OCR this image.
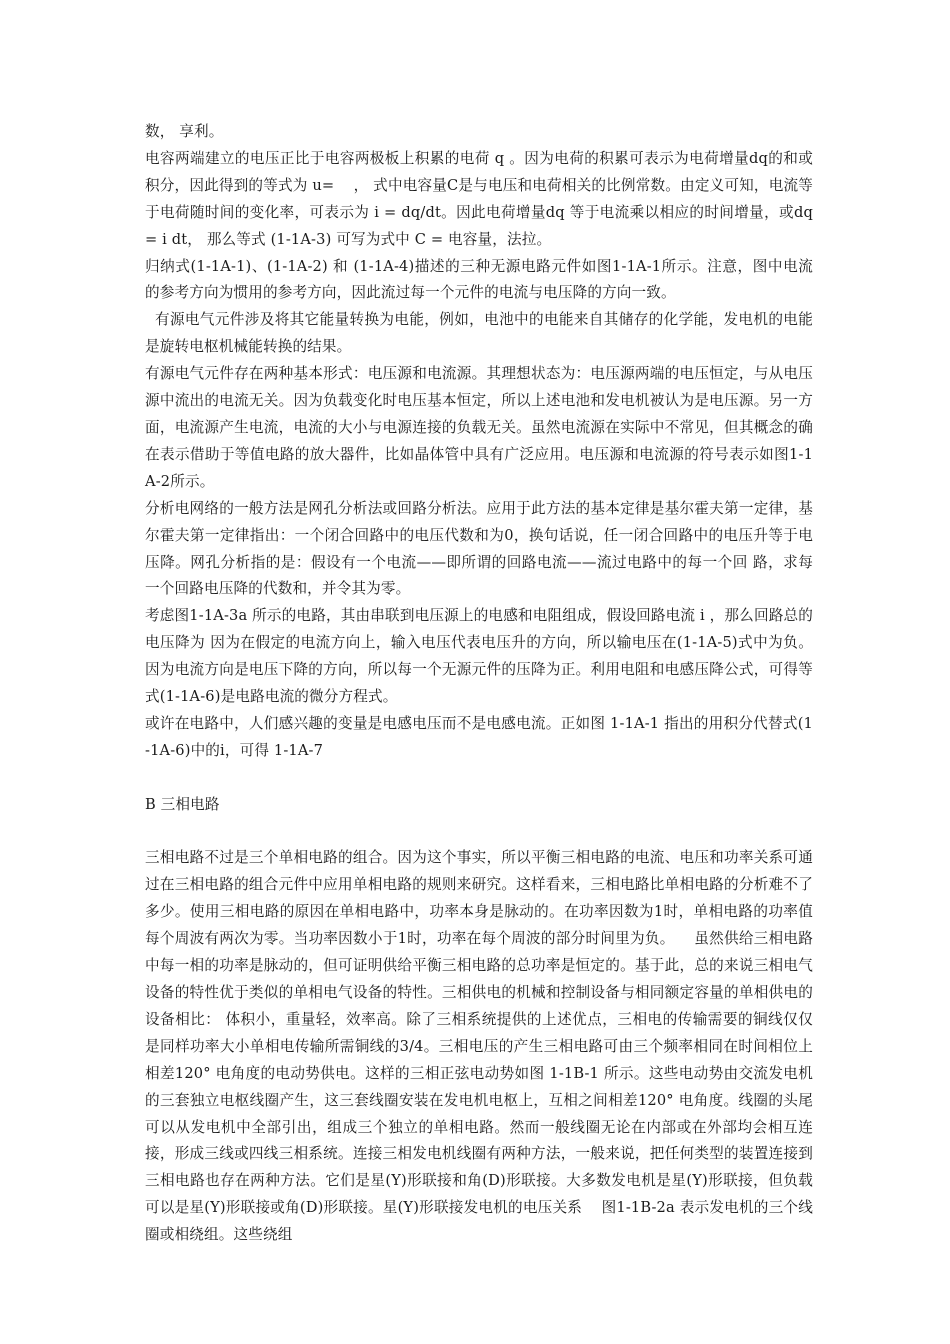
数， 享利。

电容两端建立的电压正比于电容两极板上积累的电荷 q 。因为电荷的积累可表示为电荷增量dq的和或积分，因此得到的等式为 u=    ， 式中电容量C是与电压和电荷相关的比例常数。由定义可知，电流等于电荷随时间的变化率，可表示为 i = dq/dt。因此电荷增量dq 等于电流乘以相应的时间增量，或dq = i dt， 那么等式 (1-1A-3) 可写为式中 C = 电容量，法拉。

归纳式(1-1A-1)、(1-1A-2) 和 (1-1A-4)描述的三种无源电路元件如图1-1A-1所示。注意，图中电流的参考方向为惯用的参考方向，因此流过每一个元件的电流与电压降的方向一致。

有源电气元件涉及将其它能量转换为电能，例如，电池中的电能来自其储存的化学能，发电机的电能是旋转电枢机械能转换的结果。

有源电气元件存在两种基本形式：电压源和电流源。其理想状态为：电压源两端的电压恒定，与从电压源中流出的电流无关。因为负载变化时电压基本恒定，所以上述电池和发电机被认为是电压源。另一方面，电流源产生电流，电流的大小与电源连接的负载无关。虽然电流源在实际中不常见，但其概念的确在表示借助于等值电路的放大器件，比如晶体管中具有广泛应用。电压源和电流源的符号表示如图1-1A-2所示。

分析电网络的一般方法是网孔分析法或回路分析法。应用于此方法的基本定律是基尔霍夫第一定律，基尔霍夫第一定律指出：一个闭合回路中的电压代数和为0，换句话说，任一闭合回路中的电压升等于电压降。网孔分析指的是：假设有一个电流——即所谓的回路电流——流过电路中的每一个回 路，求每一个回路电压降的代数和，并令其为零。

考虑图1-1A-3a 所示的电路，其由串联到电压源上的电感和电阻组成，假设回路电流 i ，那么回路总的电压降为 因为在假定的电流方向上，输入电压代表电压升的方向，所以输电压在(1-1A-5)式中为负。因为电流方向是电压下降的方向，所以每一个无源元件的压降为正。利用电阻和电感压降公式，可得等式(1-1A-6)是电路电流的微分方程式。

或许在电路中，人们感兴趣的变量是电感电压而不是电感电流。正如图 1-1A-1 指出的用积分代替式(1-1A-6)中的i，可得 1-1A-7

B 三相电路

三相电路不过是三个单相电路的组合。因为这个事实，所以平衡三相电路的电流、电压和功率关系可通过在三相电路的组合元件中应用单相电路的规则来研究。这样看来，三相电路比单相电路的分析难不了多少。使用三相电路的原因在单相电路中，功率本身是脉动的。在功率因数为1时，单相电路的功率值每个周波有两次为零。当功率因数小于1时，功率在每个周波的部分时间里为负。    虽然供给三相电路中每一相的功率是脉动的，但可证明供给平衡三相电路的总功率是恒定的。基于此，总的来说三相电气设备的特性优于类似的单相电气设备的特性。三相供电的机械和控制设备与相同额定容量的单相供电的设备相比： 体积小，重量轻，效率高。除了三相系统提供的上述优点，三相电的传输需要的铜线仅仅是同样功率大小单相电传输所需铜线的3/4。三相电压的产生三相电路可由三个频率相同在时间相位上相差120° 电角度的电动势供电。这样的三相正弦电动势如图 1-1B-1 所示。这些电动势由交流发电机的三套独立电枢线圈产生，这三套线圈安装在发电机电枢上，互相之间相差120° 电角度。线圈的头尾可以从发电机中全部引出，组成三个独立的单相电路。然而一般线圈无论在内部或在外部均会相互连接，形成三线或四线三相系统。连接三相发电机线圈有两种方法，一般来说，把任何类型的装置连接到三相电路也存在两种方法。它们是星(Y)形联接和角(D)形联接。大多数发电机是星(Y)形联接，但负载可以是星(Y)形联接或角(D)形联接。星(Y)形联接发电机的电压关系    图1-1B-2a 表示发电机的三个线圈或相绕组。这些绕组
